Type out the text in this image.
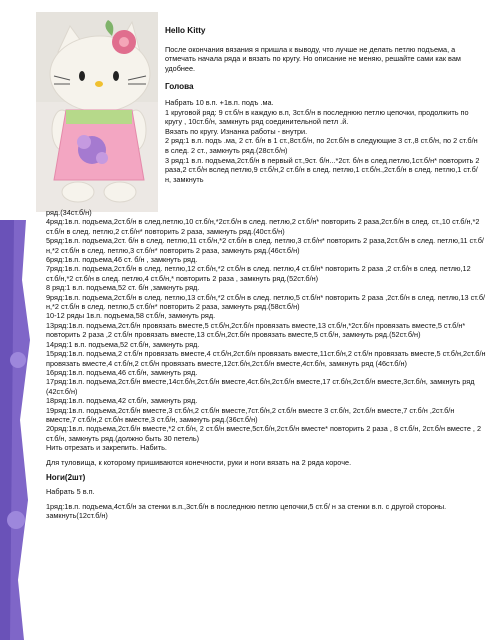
Hello Kitty

После окончания вязания я пришла к выводу, что лучше не делать петлю подъема, а отмечать начала ряда и вязать по кругу. Но описание не меняю, решайте сами как вам удобнее.

Голова

Набрать 10 в.п. +1в.п. подъ .ма.

1 круговой ряд: 9 ст.б/н в каждую в.п, 3ст.б/н в последнюю петлю цепочки, продолжить по кругу , 10ст.б/н, замкнуть ряд соединительной петл .й.

Вязать по кругу. Изнанка работы - внутри.

2 ряд:1 в.п. подъ .ма, 2 ст. б/н в 1 ст.,8ст.б/н, по 2ст.б/н в следующие 3 ст.,8 ст.б/н, по 2 ст.б/н в след. 2 ст., замкнуть ряд.(28ст.б/н)

3 ряд:1 в.п. подъема,2ст.б/н в первый ст.,9ст. б/н...*2ст. б/н в след.петлю,1ст.б/н* повторить 2 раза,2 ст.б/н вслед петлю,9 ст.б/н,2 ст.б/н в след. петлю,1 ст.б/н.,2ст.б/н в след. петлю,1 ст.б/н, замкнуть

ряд.(34ст.б/н)

4ряд:1в.п. подъема,2ст.б/н в след.петлю,10 ст.б/н,*2ст.б/н в след. петлю,2 ст.б/н* повторить 2 раза,2ст.б/н в след. ст.,10 ст.б/н,*2 ст.б/н в след. петлю,2 ст.б/н* повторить 2 раза, замкнуть ряд.(40ст.б/н)

5ряд:1в.п. подъема,2ст. б/н в след. петлю,11 ст.б/н,*2 ст.б/н в след. петлю,3 ст.б/н* повторить 2 раза,2ст.б/н в след. петлю,11 ст.б/н,*2 ст.б/н в след. петлю,3 ст.б/н* повторить 2 раза, замкнуть ряд.(46ст.б/н)

6ряд:1в.п. подъема,46 ст. б/н , замкнуть ряд.

7ряд:1в.п. подъема,2ст.б/н в след. петлю,12 ст.б/н,*2 ст.б/н в след. петлю,4 ст.б/н* повторить 2 раза ,2 ст.б/н в след. петлю,12 ст.б/н,*2 ст.б/н в след. петлю,4 ст.б/н,* повторить 2 раза , замкнуть ряд.(52ст.б/н)

8 ряд:1 в.п. подъема,52 ст. б/н ,замкнуть ряд.

9ряд:1в.п. подъема,2ст.б/н в след. петлю,13 ст.б/н,*2 ст.б/н в след. петлю,5 ст.б/н* повторить 2 раза ,2ст.б/н в след. петлю,13 ст.б/н,*2 ст.б/н в след. петлю,5 ст.б/н* повторить 2 раза, замкнуть ряд.(58ст.б/н)

10-12 ряды 1в.п. подъема,58 ст.б/н, замкнуть ряд.

13ряд:1в.п. подъема,2ст.б/н провязать вместе,5 ст.б/н,2ст.б/н провязать вместе,13 ст.б/н,*2ст.б/н провязать вместе,5 ст.б/н* повторить 2 раза ,2 ст.б/н провязать вместе,13 ст.б/н,2ст.б/н провязать вместе,5 ст.б/н, замкнуть ряд.(52ст.б/н)

14ряд:1 в.п. подъема,52 ст.б/н, замкнуть ряд.

15ряд:1в.п. подъема,2 ст.б/н провязать вместе,4 ст.б/н,2ст.б/н провязать вместе,11ст.б/н,2 ст.б/н провязать вместе,5 ст.б/н,2ст.б/н провязать вместе,4 ст.б/н,2 ст.б/н провязать вместе,12ст.б/н,2ст.б/н вместе,4ст.б/н, замкнуть ряд (46ст.б/н)

16ряд:1в.п. подъема,46 ст.б/н, замкнуть ряд.

17ряд:1в.п. подъема,2ст.б/н вместе,14ст.б/н,2ст.б/н вместе,4ст.б/н,2ст.б/н вместе,17 ст.б/н,2ст.б/н вместе,3ст.б/н, замкнуть ряд (42ст.б/н)

18ряд:1в.п. подъема,42 ст.б/н, замкнуть ряд.

19ряд:1в.п. подъема,2ст.б/н вместе,3 ст.б/н,2 ст.б/н вместе,7ст.б/н,2 ст.б/н вместе 3 ст.б/н, 2ст.б/н вместе,7 ст.б/н ,2ст.б/н вместе,7 ст.б/н,2 ст.б/н вместе,3 ст.б/н, замкнуть ряд.(36ст.б/н)

20ряд:1в.п. подъема,2ст.б/н вместе,*2 ст.б/н, 2 ст.б/н вместе,5ст.б/н,2ст.б/н вместе* повторить 2 раза , 8 ст.б/н, 2ст.б/н вместе , 2 ст.б/н, замкнуть ряд.(должно быть 30 петель)

Нить отрезать и закрепить. Набить.

Для туловища, к которому пришиваются конечности, руки и ноги вязать на 2 ряда короче.

Ноги(2шт)

Набрать 5 в.п.

1ряд:1в.п. подъема,4ст.б/н за стенки в.п.,3ст.б/н в последнюю петлю цепочки,5 ст.б/ н за стенки в.п. с другой стороны. замкнуть(12ст.б/н)
